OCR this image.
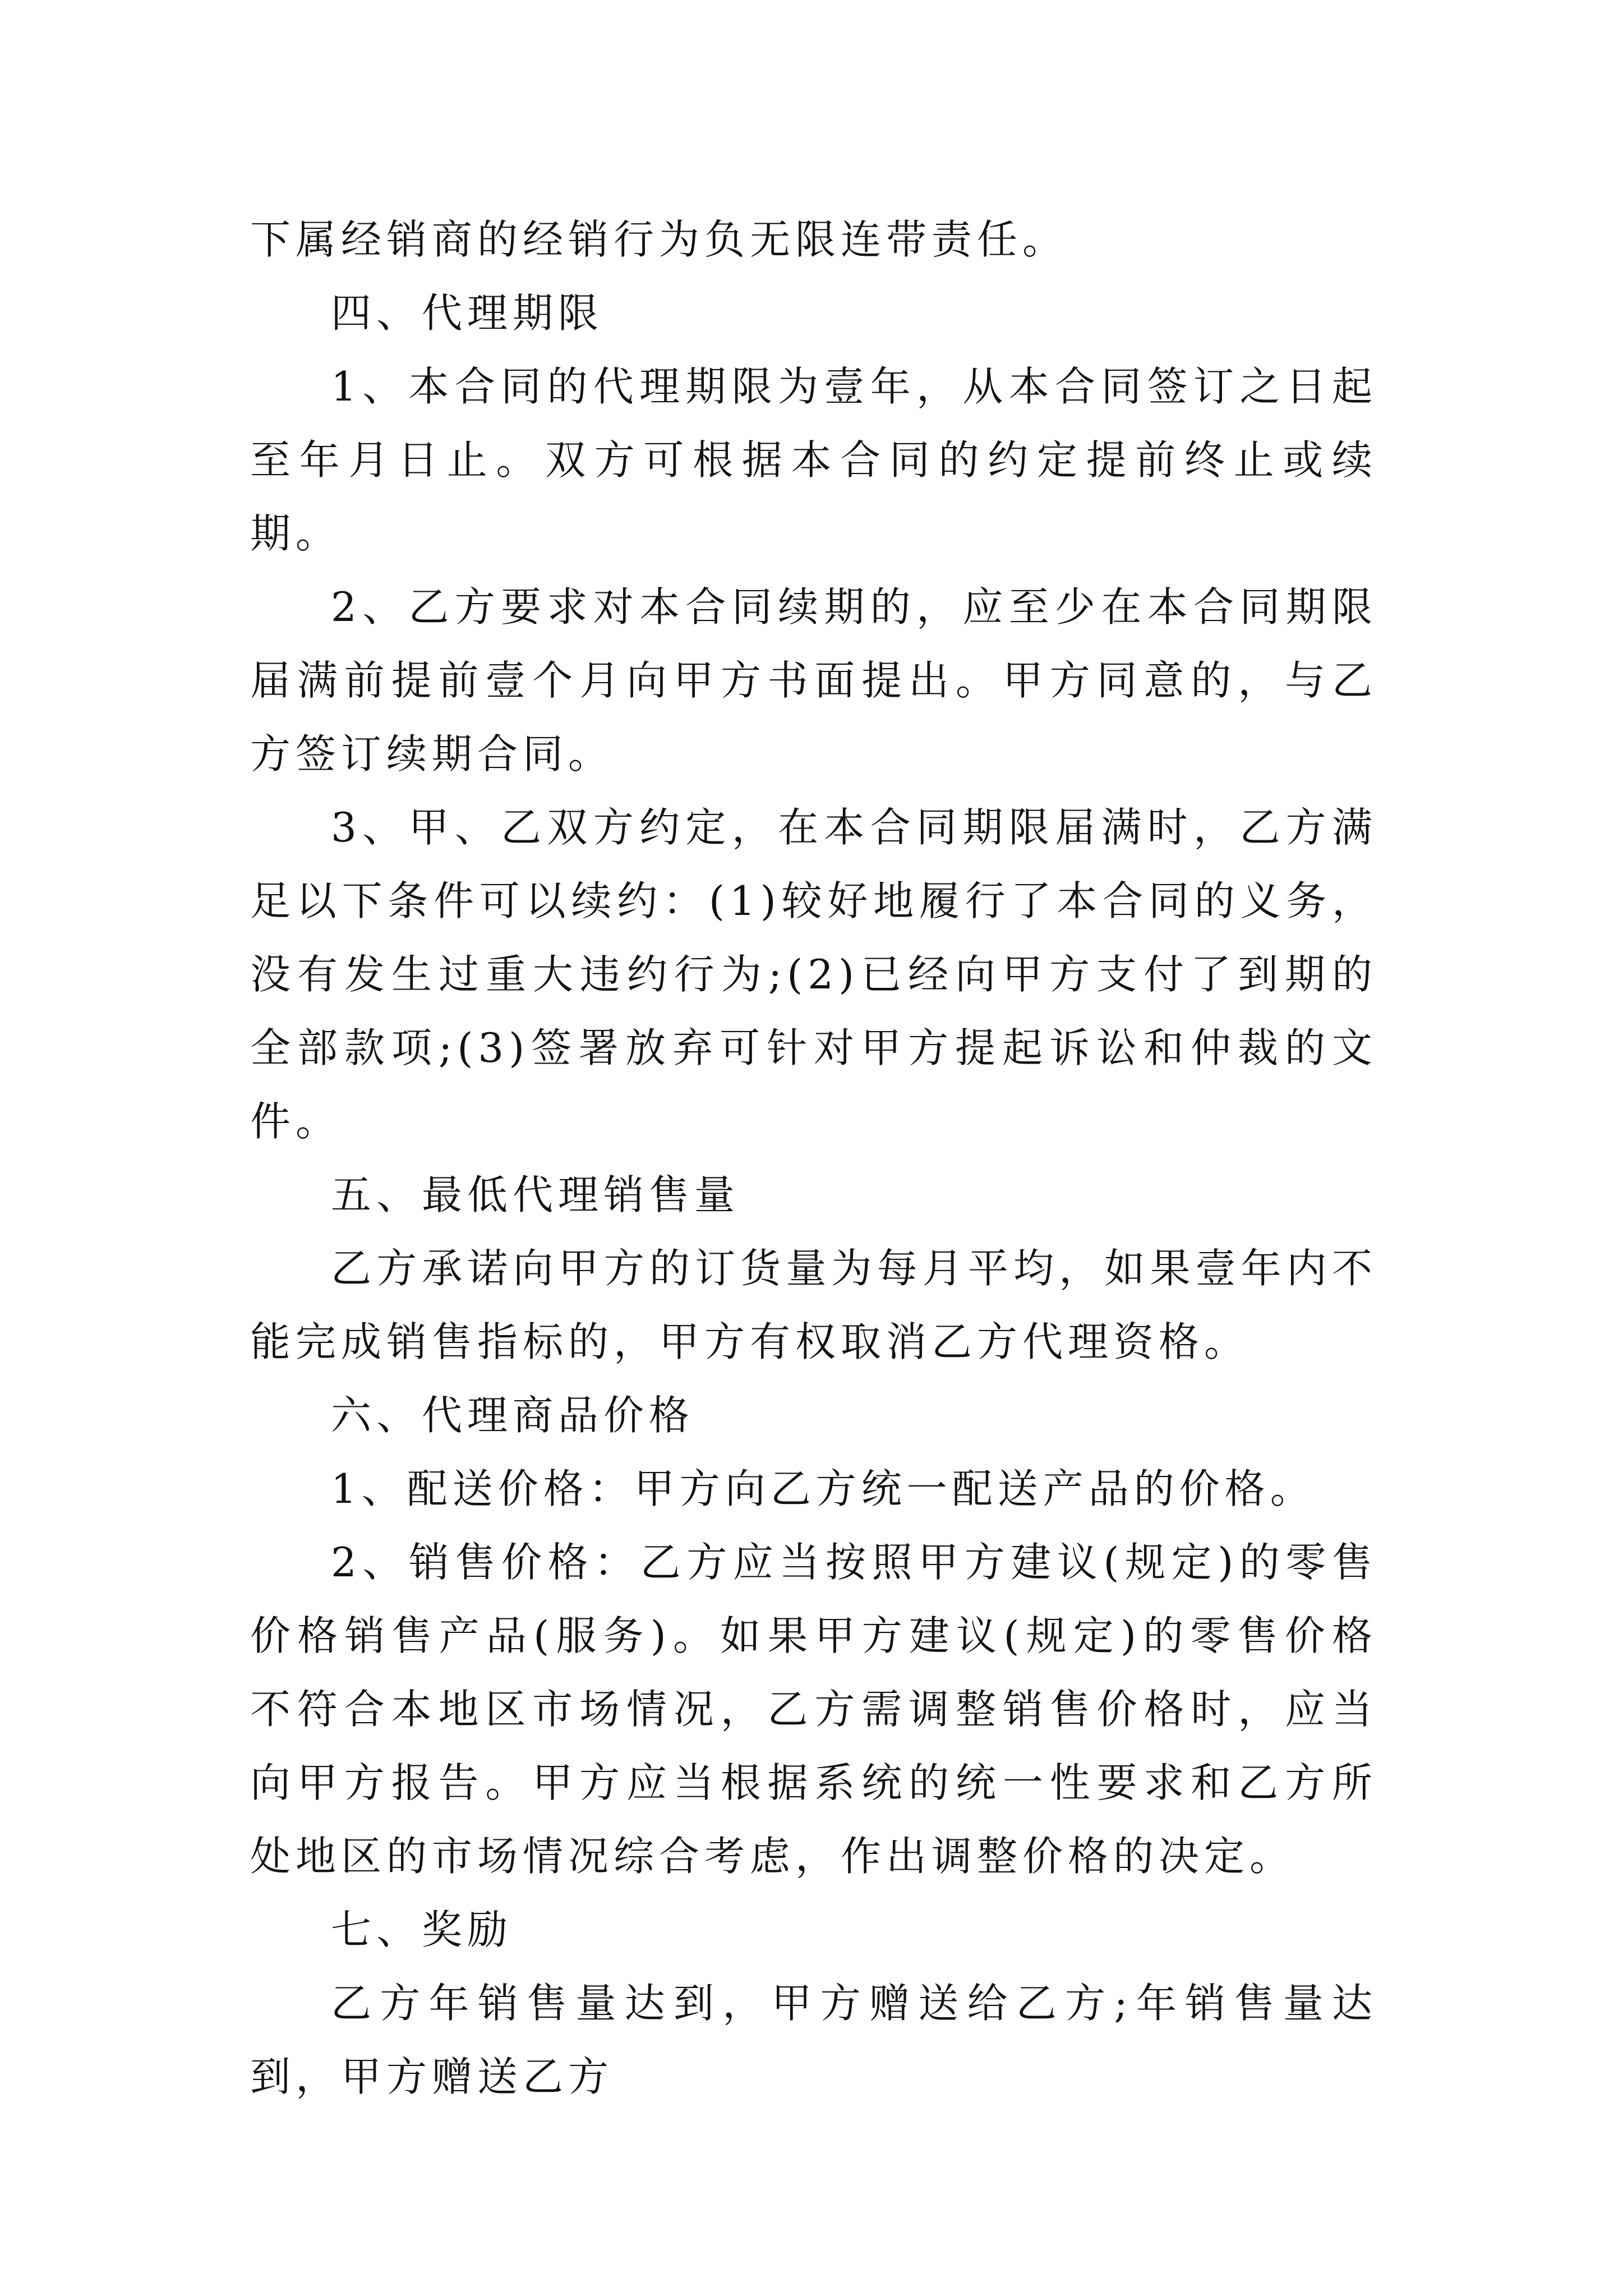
下属经销商的经销行为负无限连带责任。

四、代理期限

1、本合同的代理期限为壹年，从本合同签订之日起至年月日止。双方可根据本合同的约定提前终止或续期。

2、乙方要求对本合同续期的，应至少在本合同期限届满前提前壹个月向甲方书面提出。甲方同意的，与乙方签订续期合同。

3、甲、乙双方约定，在本合同期限届满时，乙方满足以下条件可以续约：(1)较好地履行了本合同的义务，没有发生过重大违约行为;(2)已经向甲方支付了到期的全部款项;(3)签署放弃可针对甲方提起诉讼和仲裁的文件。

五、最低代理销售量

乙方承诺向甲方的订货量为每月平均，如果壹年内不能完成销售指标的，甲方有权取消乙方代理资格。

六、代理商品价格

1、配送价格：甲方向乙方统一配送产品的价格。

2、销售价格：乙方应当按照甲方建议(规定)的零售价格销售产品(服务)。如果甲方建议(规定)的零售价格不符合本地区市场情况，乙方需调整销售价格时，应当向甲方报告。甲方应当根据系统的统一性要求和乙方所处地区的市场情况综合考虑，作出调整价格的决定。

七、奖励

乙方年销售量达到，甲方赠送给乙方;年销售量达到，甲方赠送乙方
